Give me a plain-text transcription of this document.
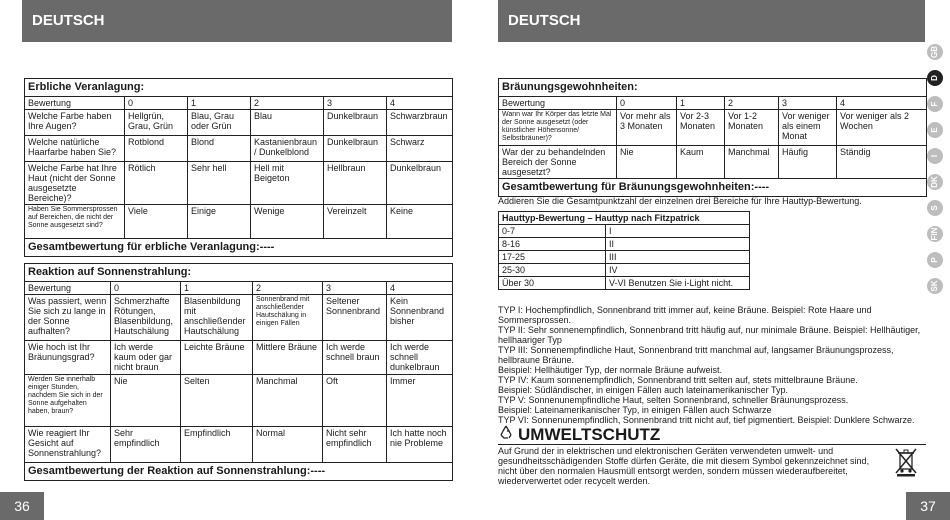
DEUTSCH	DEUTSCH
Erbliche Veranlagung:					
Bewertung	0	1	2	3	4
Welche Farbe haben Ihre Augen?	Hellgrün, Grau, Grün	Blau, Grau oder Grün	Blau	Dunkelbraun	Schwarzbraun
Welche natürliche Haarfarbe haben Sie?	Rotblond	Blond	Kastanienbraun / Dunkelblond	Dunkelbraun	Schwarz
Welche Farbe hat Ihre Haut (nicht der Sonne ausgesetzte Bereiche)?	Rötlich	Sehr hell	Hell mit Beigeton	Hellbraun	Dunkelbraun
Haben Sie Sommersprossen auf Bereichen, die nicht der Sonne ausgesetzt sind?	Viele	Einige	Wenige	Vereinzelt	Keine
Gesamtbewertung für erbliche Veranlagung:----					
Reaktion auf Sonnenstrahlung:					
Bewertung	0	1	2	3	4
Was passiert, wenn Sie sich zu lange in der Sonne aufhalten?	Schmerzhafte Rötungen, Blasenbildung, Hautschälung	Blasenbildung mit anschließender Hautschälung	Sonnenbrand mit anschließender Hautschälung in einigen Fällen	Seltener Sonnenbrand	Kein Sonnenbrand bisher
Wie hoch ist Ihr Bräunungsgrad?	Ich werde kaum oder gar nicht braun	Leichte Bräune	Mittlere Bräune	Ich werde schnell braun	Ich werde schnell dunkelbraun
Werden Sie innerhalb einiger Stunden, nachdem Sie sich in der Sonne aufgehalten haben, braun?	Nie	Selten	Manchmal	Oft	Immer
Wie reagiert Ihr Gesicht auf Sonnenstrahlung?	Sehr empfindlich	Empfindlich	Normal	Nicht sehr empfindlich	Ich hatte noch nie Probleme
Gesamtbewertung der Reaktion auf Sonnenstrahlung:----					
Bräunungsgewohnheiten:					
Bewertung	0	1	2	3	4
Wann war Ihr Körper das letzte Mal der Sonne ausgesetzt (oder künstlicher Höhensonne/ Selbstbräuner)?	Vor mehr als 3 Monaten	Vor 2-3 Monaten	Vor 1-2 Monaten	Vor weniger als einem Monat	Vor weniger als 2 Wochen
War der zu behandelnden Bereich der Sonne ausgesetzt?	Nie	Kaum	Manchmal	Häufig	Ständig
Gesamtbewertung für Bräunungsgewohnheiten:----					
Addieren Sie die Gesamtpunktzahl der einzelnen drei Bereiche für Ihre Hauttyp-Bewertung.
Hauttyp-Bewertung – Hauttyp nach Fitzpatrick	
0-7	I
8-16	II
17-25	III
25-30	IV
Über 30	V-VI Benutzen Sie i-Light nicht.
TYP I: Hochempfindlich, Sonnenbrand tritt immer auf, keine Bräune. Beispiel: Rote Haare und Sommersprossen.
TYP II: Sehr sonnenempfindlich, Sonnenbrand tritt häufig auf, nur minimale Bräune. Beispiel: Hellhäutiger, hellhaariger Typ
TYP III: Sonnenempfindliche Haut, Sonnenbrand tritt manchmal auf, langsamer Bräunungsprozess, hellbraune Bräune.
Beispiel: Hellhäutiger Typ, der normale Bräune aufweist.
TYP IV: Kaum sonnenempfindlich, Sonnenbrand tritt selten auf, stets mittelbraune Bräune.
Beispiel: Südländischer, in einigen Fällen auch lateinamerikanischer Typ.
TYP V: Sonnenunempfindliche Haut, selten Sonnenbrand, schneller Bräunungsprozess.
Beispiel: Lateinamerikanischer Typ, in einigen Fällen auch Schwarze
TYP VI: Sonnenunempfindlich, Sonnenbrand tritt nicht auf, tief pigmentiert. Beispiel: Dunklere Schwarze.
UMWELTSCHUTZ
Auf Grund der in elektrischen und elektronischen Geräten verwendeten umwelt- und
gesundheitsschädigenden Stoffe dürfen Geräte, die mit diesem Symbol gekennzeichnet sind,
nicht über den normalen Hausmüll entsorgt werden, sondern müssen wiederaufbereitet,
wiederverwertet oder recycelt werden.
GB
D
F
E
I
DK
S
FIN
P
SK
36	37
